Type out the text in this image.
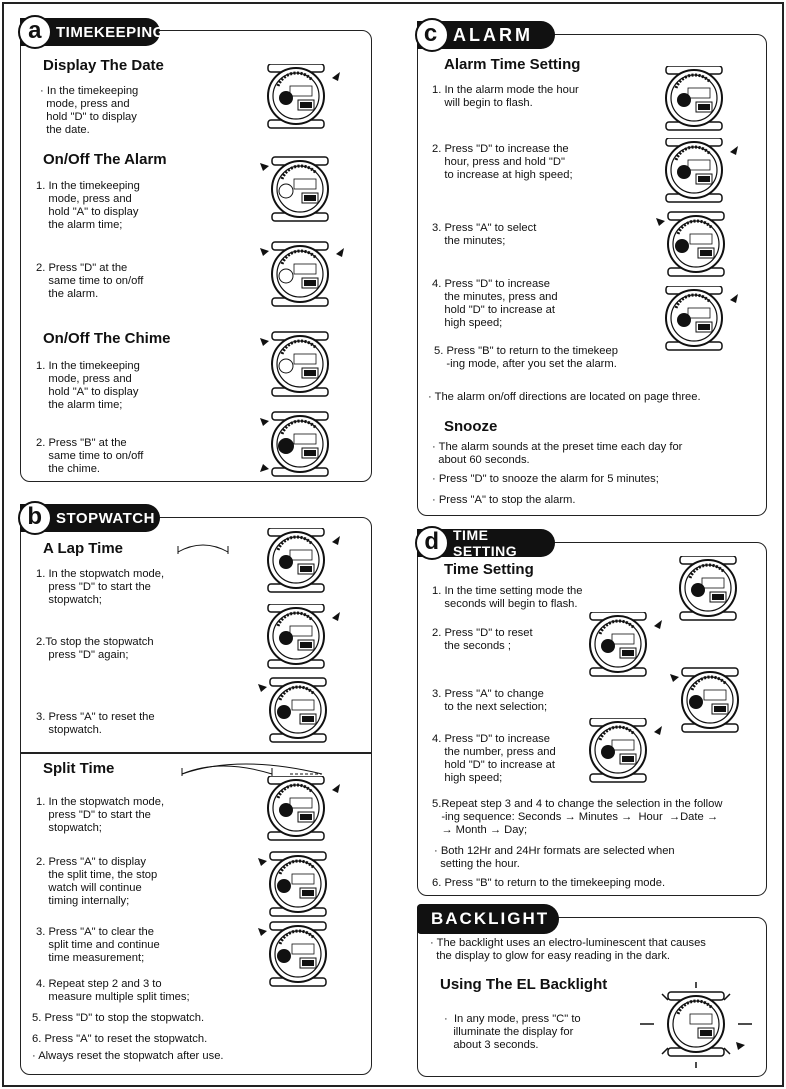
a TIMEKEEPING
Display The Date
· In the timekeeping
mode, press and
hold "D" to display
the date.
On/Off The Alarm
1. In the timekeeping
mode, press and
hold "A" to display
the alarm time;
2. Press "D" at the
same time to on/off
the alarm.
On/Off The Chime
1. In the timekeeping
mode, press and
hold "A" to display
the alarm time;
2. Press "B" at the
same time to on/off
the chime.
b STOPWATCH
A Lap Time
1. In the stopwatch mode,
press "D" to start the
stopwatch;
2.To stop the stopwatch
press "D" again;
3. Press "A" to reset the
stopwatch.
Split Time
1. In the stopwatch mode,
press "D" to start the
stopwatch;
2. Press "A" to display
the split time, the stop
watch will continue
timing internally;
3. Press "A" to clear the
split time and continue
time measurement;
4. Repeat step 2 and 3 to
measure multiple split times;
5. Press "D" to stop the stopwatch.
6. Press "A" to reset the stopwatch.
· Always reset the stopwatch after use.
c ALARM
Alarm Time Setting
1. In the alarm mode the hour
will begin to flash.
2. Press "D" to increase the
hour, press and hold "D"
to increase at high speed;
3. Press "A" to select
the minutes;
4. Press "D" to increase
the minutes, press and
hold "D" to increase at
high speed;
5. Press "B" to return to the timekeep
-ing mode, after you set the alarm.
· The alarm on/off directions are located on page three.
Snooze
· The alarm sounds at the preset time each day for
about 60 seconds.
· Press "D" to snooze the alarm for 5 minutes;
· Press "A" to stop the alarm.
d TIME SETTING
Time Setting
1. In the time setting mode the
seconds will begin to flash.
2. Press "D" to reset
the seconds ;
3. Press "A" to change
to the next selection;
4. Press "D" to increase
the number, press and
hold "D" to increase at
high speed;
5.Repeat step 3 and 4 to change the selection in the follow
-ing sequence: Seconds → Minutes →  Hour  →Date →
→ Month → Day;
· Both 12Hr and 24Hr formats are selected when
setting the hour.
6. Press "B" to return to the timekeeping mode.
BACKLIGHT
· The backlight uses an electro-luminescent that causes
the display to glow for easy reading in the dark.
Using The EL Backlight
·  In any mode, press "C" to
illuminate the display for
about 3 seconds.
